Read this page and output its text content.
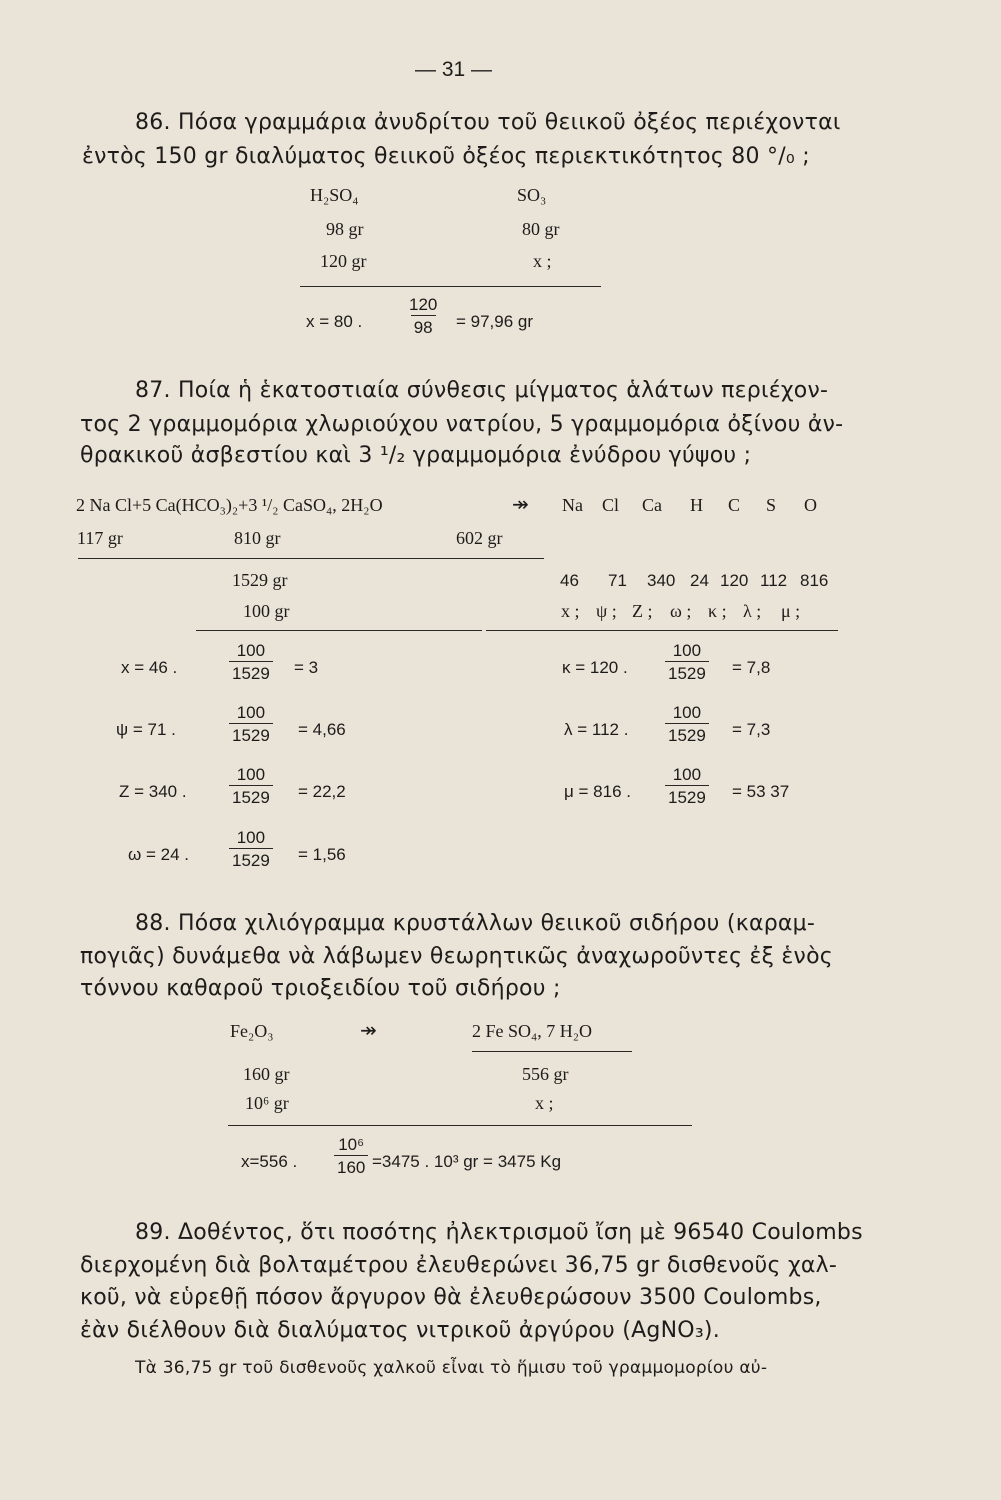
— 31 —
86. Πόσα γραμμάρια ἀνυδρίτου τοῦ θειικοῦ ὀξέος περιέχονται
ἐντὸς 150 gr διαλύματος θειικοῦ ὀξέος περιεκτικότητος 80 °/₀ ;
H₂SO₄	SO₃
98 gr	80 gr
120 gr	x ;
x = 80 .	$\frac{120}{98} = 97,96$ gr
87. Ποία ἡ ἑκατοστιαία σύνθεσις μίγματος ἁλάτων περιέχον-
τος 2 γραμμομόρια χλωριούχου νατρίου, 5 γραμμομόρια ὀξίνου ἀν-
θρακικοῦ ἀσβεστίου καὶ 3 ¹/₂ γραμμομόρια ἐνύδρου γύψου ;
2 Na Cl+5 Ca(HCO₃)₂+3 ¹/₂ CaSO₄, 2H₂O	↠ Na Cl Ca H C S O
117 gr	810 gr	602 gr
1529 gr
100 gr
46 71 340 24 120 112 816
x ; ψ ; Z ; ω ; κ ; λ ; μ ;
x = 46 .	$\frac{100}{1529} = 3$
ψ = 71 .	$\frac{100}{1529} = 4,66$
Z = 340 . $\frac{100}{1529} = 22,2$
ω = 24 . $\frac{100}{1529} = 1,56$
κ = 120 . $\frac{100}{1529} = 7,8$
λ = 112 . $\frac{100}{1529} = 7,3$
μ = 816 . $\frac{100}{1529} = 53$ 37
88. Πόσα χιλιόγραμμα κρυστάλλων θειικοῦ σιδήρου (καραμ-
πογιᾶς) δυνάμεθα νὰ λάβωμεν θεωρητικῶς ἀναχωροῦντες ἐξ ἑνὸς
τόννου καθαροῦ τριοξειδίου τοῦ σιδήρου ;
Fe₂O₃	↠	2 Fe SO₄, 7 H₂O
160 gr	556 gr
10⁶ gr	x ;
x=556 . $\frac{\text{10⁶}}{160} =3475$ . 10³ gr = 3475 Kg
89. Δοθέντος, ὅτι ποσότης ἠλεκτρισμοῦ ἴση μὲ 96540 Coulombs
διερχομένη διὰ βολταμέτρου ἐλευθερώνει 36,75 gr δισθενοῦς χαλ-
κοῦ, νὰ εὑρεθῇ πόσον ἄργυρον θὰ ἐλευθερώσουν 3500 Coulombs,
ἐὰν διέλθουν διὰ διαλύματος νιτρικοῦ ἀργύρου (AgNO₃).
Τὰ 36,75 gr τοῦ δισθενοῦς χαλκοῦ εἶναι τὸ ἥμισυ τοῦ γραμμομορίου αὐ-
